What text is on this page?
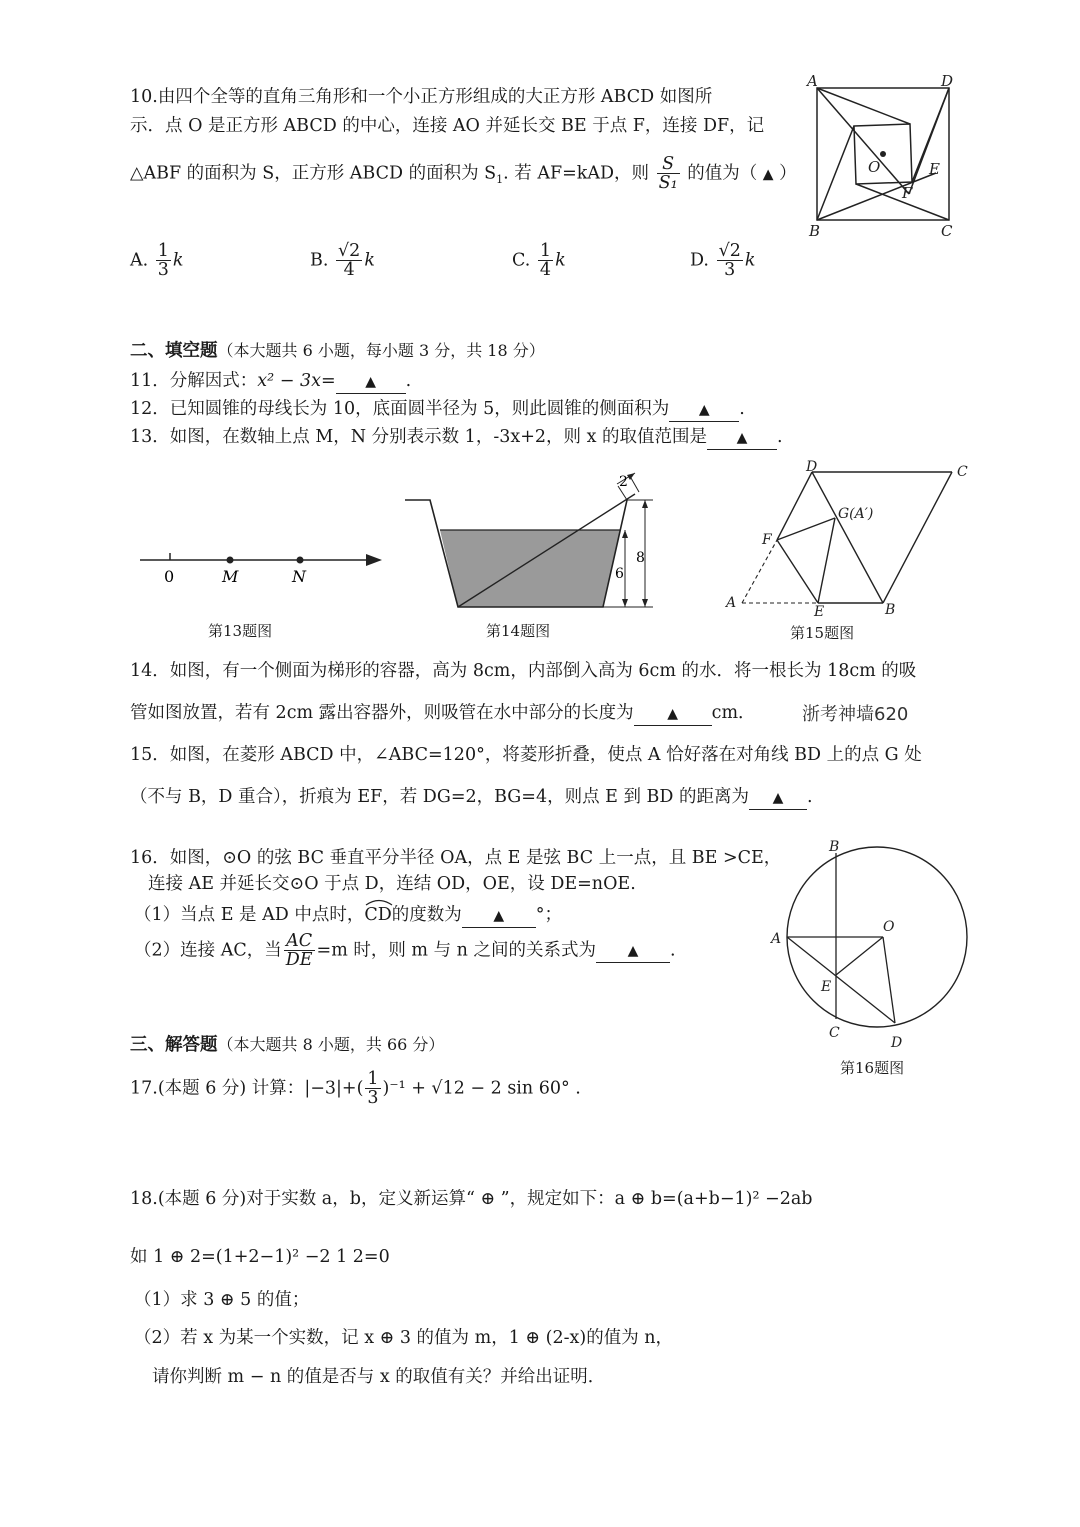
10.由四个全等的直角三角形和一个小正方形组成的大正方形 ABCD 如图所
示．点 O 是正方形 ABCD 的中心，连接 AO 并延长交 BE 于点 F，连接 DF，记
△ABF 的面积为 S，正方形 ABCD 的面积为 $S_1$. 若 AF=kAD，则 $\frac{S}{\text{S₁}}$ 的值为（ ▲ ）
A. $\frac{1}{3}$ k	B. $\frac{√2}{4}$ k	C. $\frac{1}{4}$ k	D. $\frac{√2}{3}$ k
A	D
B	C
O	E
F
二、填空题（本大题共 6 小题，每小题 3 分，共 18 分）
11．分解因式：x² − 3x= ▲ .
12．已知圆锥的母线长为 10，底面圆半径为 5，则此圆锥的侧面积为 ▲ .
13．如图，在数轴上点 M，N 分别表示数 1，-3x+2，则 x 的取值范围是 ▲ .
0	M	N
第13题图
2
6
8
第14题图
D	C
G(A′)
F
A
E	B
第15题图
14．如图，有一个侧面为梯形的容器，高为 8cm，内部倒入高为 6cm 的水．将一根长为 18cm 的吸
管如图放置，若有 2cm 露出容器外，则吸管在水中部分的长度为 ▲ cm．	浙考神墙620
15．如图，在菱形 ABCD 中，∠ABC=120°，将菱形折叠，使点 A 恰好落在对角线 BD 上的点 G 处
（不与 B，D 重合），折痕为 EF，若 DG=2，BG=4，则点 E 到 BD 的距离为 ▲ .
16．如图，⊙O 的弦 BC 垂直平分半径 OA，点 E 是弦 BC 上一点，且 BE >CE，
连接 AE 并延长交⊙O 于点 D，连结 OD，OE，设 DE=nOE.
（1）当点 E 是 AD 中点时，
CD的度数为 ▲ °；
（2）连接 AC，当 $\frac{AC}{DE} =m$ 时，则 m 与 n 之间的关系式为 ▲ .
B
O
A
E
C
D
第16题图
三、解答题（本大题共 8 小题，共 66 分）
17.(本题 6 分) 计算：$|-3|+( \frac{1}{3} )^{-1} + √12 - 2$ sin 60° .
18.(本题 6 分)对于实数 a，b，定义新运算“ ⊕ ”，规定如下：a ⊕ b=(a+b−1)² −2ab
如 1 ⊕ 2=(1+2−1)² −2 1 2=0
（1）求 3 ⊕ 5 的值；
（2）若 x 为某一个实数，记 x ⊕ 3 的值为 m，1 ⊕ (2-x)的值为 n，
请你判断 m − n 的值是否与 x 的取值有关？并给出证明．
